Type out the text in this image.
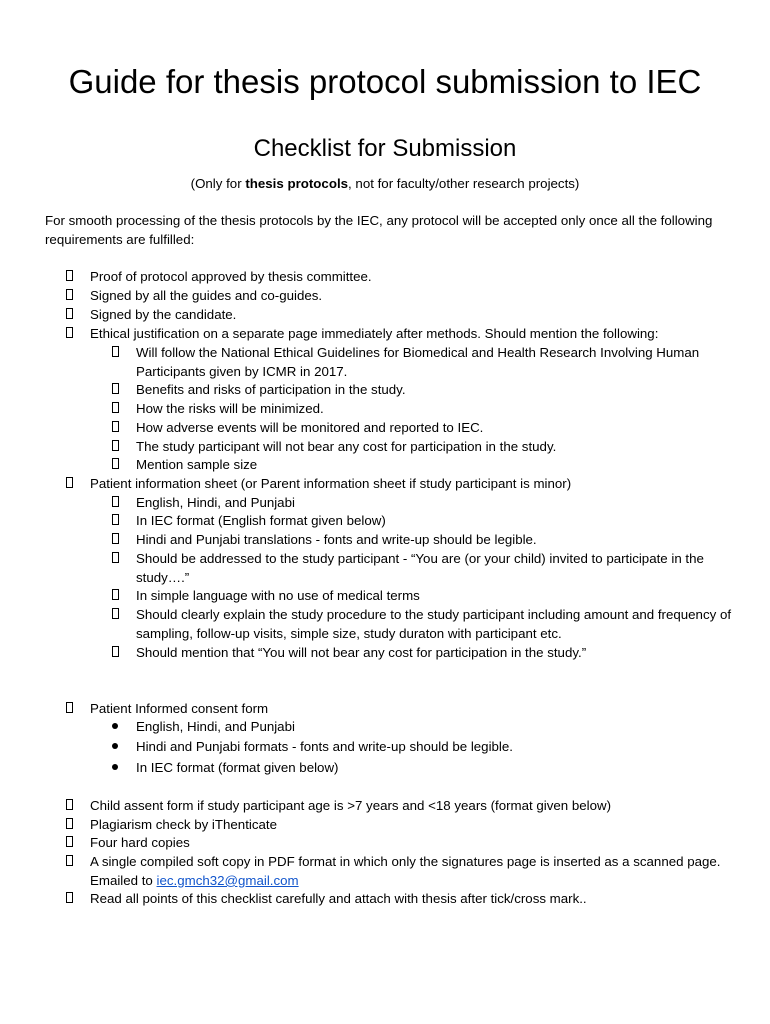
Guide for thesis protocol submission to IEC
Checklist for Submission
(Only for thesis protocols, not for faculty/other research projects)
For smooth processing of the thesis protocols by the IEC, any protocol will be accepted only once all the following requirements are fulfilled:
Proof of protocol approved by thesis committee.
Signed by all the guides and co-guides.
Signed by the candidate.
Ethical justification on a separate page immediately after methods. Should mention the following:
Will follow the National Ethical Guidelines for Biomedical and Health Research Involving Human Participants given by ICMR in 2017.
Benefits and risks of participation in the study.
How the risks will be minimized.
How adverse events will be monitored and reported to IEC.
The study participant will not bear any cost for participation in the study.
Mention sample size
Patient information sheet (or Parent information sheet if study participant is minor)
English, Hindi, and Punjabi
In IEC format (English format given below)
Hindi and Punjabi translations - fonts and write-up should be legible.
Should be addressed to the study participant - “You are (or your child) invited to participate in the study….”
In simple language with no use of medical terms
Should clearly explain the study procedure to the study participant including amount and frequency of sampling, follow-up visits, simple size, study duraton with participant etc.
Should mention that “You will not bear any cost for participation in the study.”
Patient Informed consent form
English, Hindi, and Punjabi
Hindi and Punjabi formats - fonts and write-up should be legible.
In IEC format (format given below)
Child assent form if study participant age is >7 years and <18 years (format given below)
Plagiarism check by iThenticate
Four hard copies
A single compiled soft copy in PDF format in which only the signatures page is inserted as a scanned page. Emailed to iec.gmch32@gmail.com
Read all points of this checklist carefully and attach with thesis after tick/cross mark..
